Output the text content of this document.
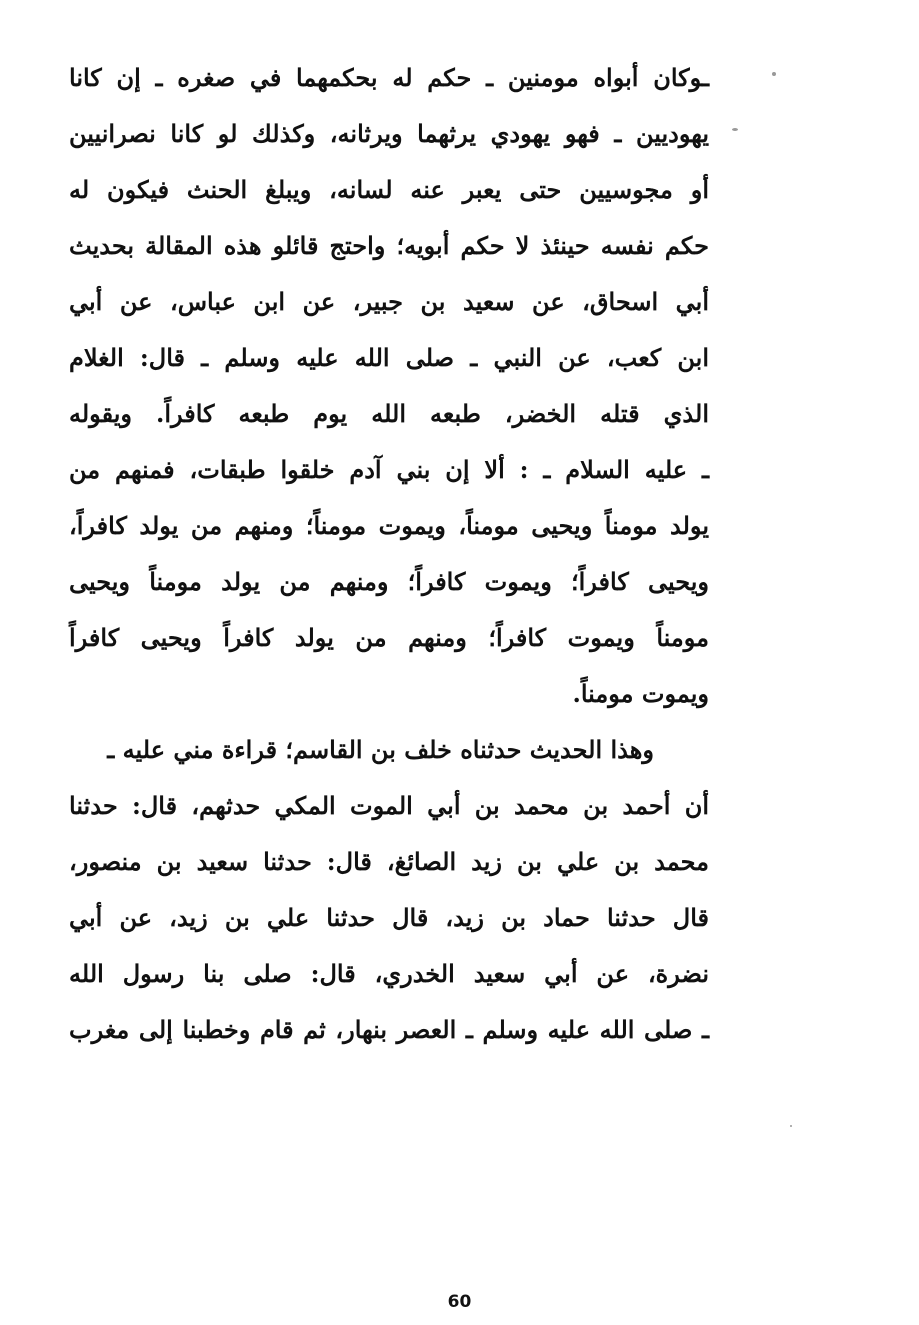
ـوكان أبواه مومنين ـ حكم له بحكمهما في صغره ـ إن كانا
يهوديين ـ فهو يهودي يرثهما ويرثانه، وكذلك لو كانا نصرانيين
أو مجوسيين حتى يعبر عنه لسانه، ويبلغ الحنث فيكون له
حكم نفسه حينئذ لا حكم أبويه؛ واحتج قائلو هذه المقالة بحديث
أبي اسحاق، عن سعيد بن جبير، عن ابن عباس، عن أبي
ابن كعب، عن النبي ـ صلى الله عليه وسلم ـ قال: الغلام
الذي قتله الخضر، طبعه الله يوم طبعه كافراً. ويقوله
ـ عليه السلام ـ : ألا إن بني آدم خلقوا طبقات، فمنهم من
يولد مومناً ويحيى مومناً، ويموت مومناً؛ ومنهم من يولد كافراً،
ويحيى كافراً؛ ويموت كافراً؛ ومنهم من يولد مومناً ويحيى
مومناً ويموت كافراً؛ ومنهم من يولد كافراً ويحيى كافراً
ويموت مومناً.
وهذا الحديث حدثناه خلف بن القاسم؛ قراءة مني عليه ـ
أن أحمد بن محمد بن أبي الموت المكي حدثهم، قال: حدثنا
محمد بن علي بن زيد الصائغ، قال: حدثنا سعيد بن منصور،
قال حدثنا حماد بن زيد، قال حدثنا علي بن زيد، عن أبي
نضرة، عن أبي سعيد الخدري، قال: صلى بنا رسول الله
ـ صلى الله عليه وسلم ـ العصر بنهار، ثم قام وخطبنا إلى مغرب
60
